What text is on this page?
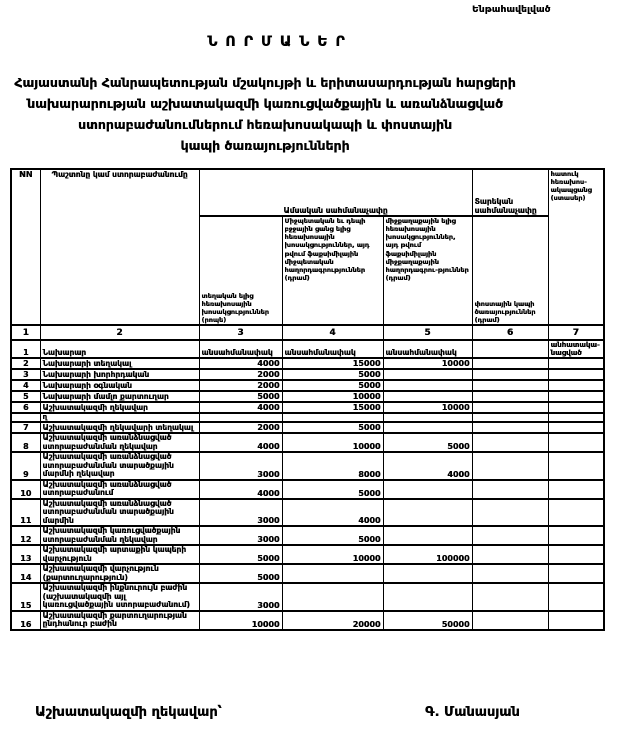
Ենթահավելված
ՆՈՐՄԱՆԵՐ
Հայաստանի Հանրապետության մշակույթի և երիտասարդության հարցերի
նախարարության աշխատակազմի կառուցվածքային և առանձնացված
ստորաբաժանումներում հեռախոսակապի և փոստային
կապի ծառայությունների
NN	Պաշտոնը կամ ստորաբաժանումը	Ամսական սահմանաչափը			Տարեկան սահմանաչափը	հատուկ հեռախոս-ակապցանց (ստասեր)
		տեղական ելից հեռախոսային խոսակցություններ (րոպե)	Միջպետական եւ դեպի բջջային ցանց ելից հեռախոսային խոսակցություններ, այդ թվում ֆաքսիմիլային միջպետական հաղորդագրություններ (դրամ)	միջքաղաքային ելից հեռախոսային խոսակցություններ, այդ թվում ֆաքսիմիլային միջքաղաքային հաղորդագրու-թյուններ (դրամ)	փոստային կապի ծառայություններ (դրամ)	
1	2	3	4	5	6	7
1	Նախարար	անսահմանափակ	անսահմանափակ	անսահմանափակ		անհատակա-նացված
2	Նախարարի տեղակալ	4000	15000	10000		
3	Նախարարի խորհրդական	2000	5000			
4	Նախարարի օգնական	2000	5000			
5	Նախարարի մամլո քարտուղար	5000	10000			
6	Աշխատակազմի ղեկավար	4000	15000	10000		
	ղ					
7	Աշխատակազմի ղեկավարի տեղակալ	2000	5000			
8	Աշխատակազմի առանձնացված ստորաբաժանման ղեկավար	4000	10000	5000		
9	Աշխատակազմի առանձնացված ստորաբաժանման տարածքային մարմնի ղեկավար	3000	8000	4000		
10	Աշխատակազմի առանձնացված ստորաբաժանում	4000	5000			
11	Աշխատակազմի առանձնացված ստորաբաժանման տարածքային մարմին	3000	4000			
12	Աշխատակազմի կառուցվածքային ստորաբաժանման ղեկավար	3000	5000			
13	Աշխատակազմի արտաքին կապերի վարչություն	5000	10000	100000		
14	Աշխատակազմի վարչություն (քարտուղարություն)	5000				
15	Աշխատակազմի ինքնուրույն բաժին (աշխատակազմի այլ կառուցվածքային ստորաբաժանում)	3000				
16	Աշխատակազմի քարտուղարության ընդհանուր բաժին	10000	20000	50000		
Աշխատակազմի ղեկավար՝	Գ. Մանասյան
